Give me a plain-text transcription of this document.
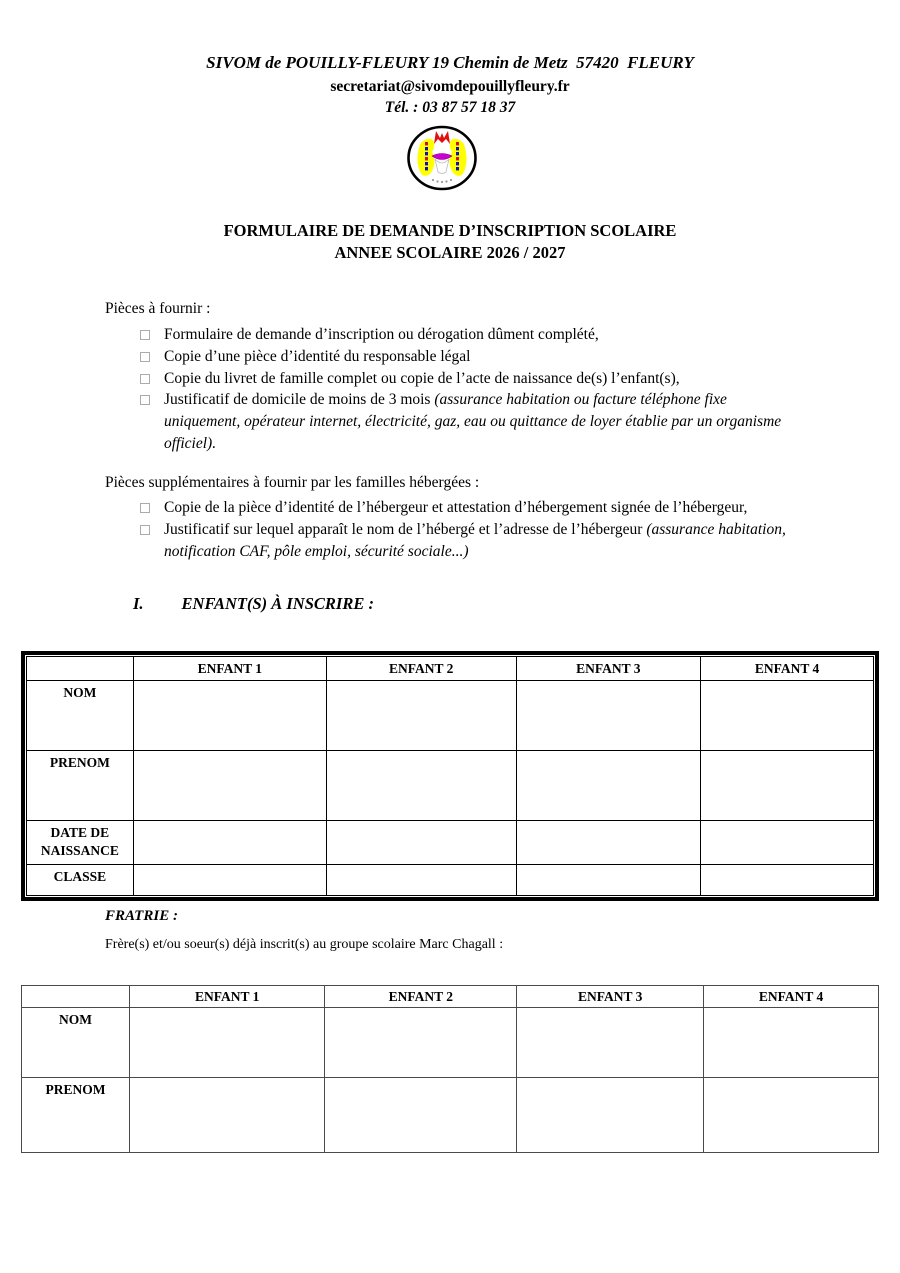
SIVOM de POUILLY-FLEURY 19 Chemin de Metz  57420  FLEURY
secretariat@sivomdepouillyfleury.fr
Tél. : 03 87 57 18 37
FORMULAIRE DE DEMANDE D’INSCRIPTION SCOLAIRE
ANNEE SCOLAIRE 2026 / 2027
Pièces à fournir :
Formulaire de demande d’inscription ou dérogation dûment complété,
Copie d’une pièce d’identité du responsable légal
Copie du livret de famille complet ou copie de l’acte de naissance de(s) l’enfant(s),
Justificatif de domicile de moins de 3 mois (assurance habitation ou facture téléphone fixe uniquement, opérateur internet, électricité, gaz, eau ou quittance de loyer établie par un organisme officiel).
Pièces supplémentaires à fournir par les familles hébergées :
Copie de la pièce d’identité de l’hébergeur et attestation d’hébergement signée de l’hébergeur,
Justificatif sur lequel apparaît le nom de l’hébergé et l’adresse de l’hébergeur (assurance habitation, notification CAF, pôle emploi, sécurité sociale...)
I. ENFANT(S) À INSCRIRE :
	ENFANT 1	ENFANT 2	ENFANT 3	ENFANT 4
NOM				
PRENOM				
DATE DE NAISSANCE				
CLASSE				
FRATRIE :
Frère(s) et/ou soeur(s) déjà inscrit(s) au groupe scolaire Marc Chagall :
	ENFANT 1	ENFANT 2	ENFANT 3	ENFANT 4
NOM				
PRENOM				
